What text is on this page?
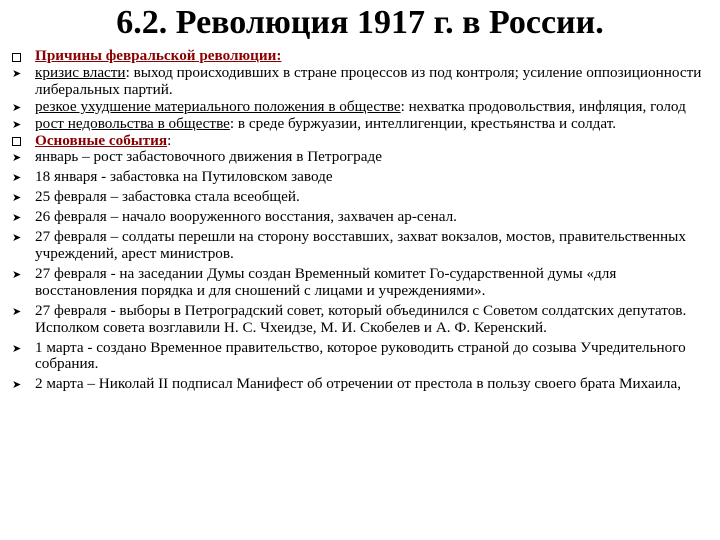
6.2. Революция 1917 г. в России.
Причины февральской революции:
➤
кризис власти: выход происходивших в стране процессов из под контроля; усиление оппозиционности либеральных партий.
➤
резкое ухудшение материального положения в обществе: нехватка продовольствия, инфляция, голод
➤
рост недовольства в обществе: в среде буржуазии, интеллигенции, крестьянства и солдат.
Основные события:
➤
январь – рост забастовочного движения в Петрограде
➤
18 января - забастовка на Путиловском заводе
➤
25 февраля – забастовка стала всеобщей.
➤
26 февраля – начало вооруженного восстания, захвачен ар-сенал.
➤
27 февраля – солдаты перешли на сторону восставших, захват вокзалов, мостов, правительственных учреждений, арест министров.
➤
27 февраля - на заседании Думы создан Временный комитет Го-сударственной думы «для восстановления порядка и для сношений с лицами и учреждениями».
➤
27 февраля - выборы в Петроградский совет, который объединился с Советом солдатских депутатов. Исполком совета возглавили Н. С. Чхеидзе, М. И. Скобелев и А. Ф. Керенский.
➤
1 марта - создано Временное правительство, которое руководить страной до созыва Учредительного собрания.
➤
2 марта – Николай II подписал Манифест об отречении от престола в пользу своего брата Михаила,
